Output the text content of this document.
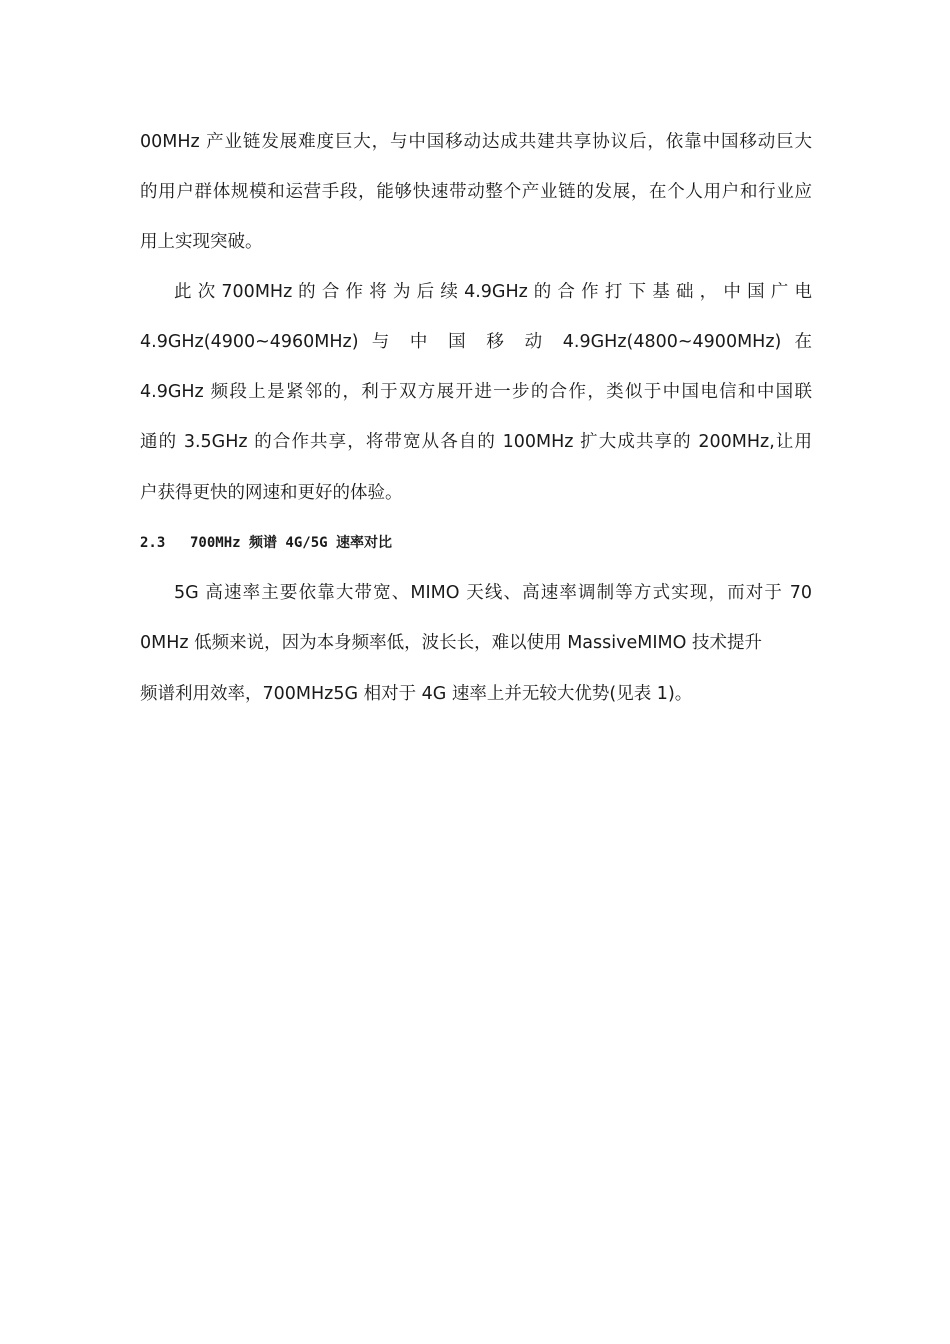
00MHz 产业链发展难度巨大，与中国移动达成共建共享协议后，依靠中国移动巨大
的用户群体规模和运营手段，能够快速带动整个产业链的发展，在个人用户和行业应
用上实现突破。
此 次 700MHz 的 合 作 将 为 后 续 4.9GHz 的 合 作 打 下 基 础 ， 中 国 广 电
4.9GHz(4900~4960MHz) 与 中 国 移 动 4.9GHz(4800~4900MHz) 在
4.9GHz 频段上是紧邻的，利于双方展开进一步的合作，类似于中国电信和中国联
通的 3.5GHz 的合作共享，将带宽从各自的 100MHz 扩大成共享的 200MHz,让用
户获得更快的网速和更好的体验。
2.3 700MHz 频谱 4G/5G 速率对比
5G 高速率主要依靠大带宽、MIMO 天线、高速率调制等方式实现，而对于 70
0MHz 低频来说，因为本身频率低，波长长，难以使用 MassiveMIMO 技术提升
频谱利用效率，700MHz5G 相对于 4G 速率上并无较大优势(见表 1)。
